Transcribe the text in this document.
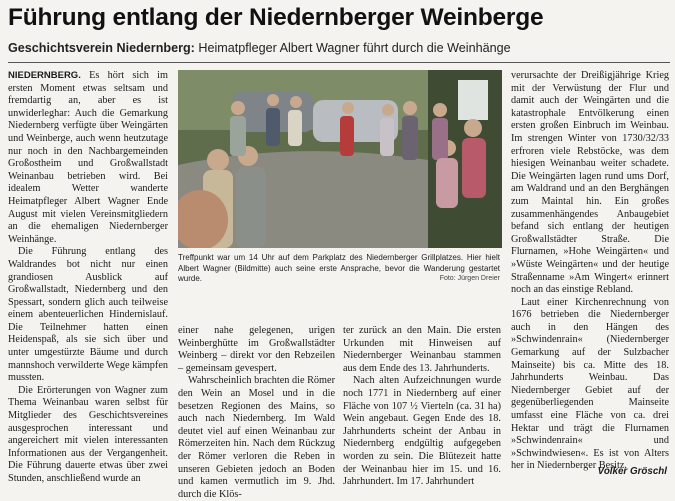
Führung entlang der Niedernberger Weinberge
Geschichtsverein Niedernberg: Heimatpfleger Albert Wagner führt durch die Weinhänge

NIEDERNBERG. Es hört sich im ersten Moment etwas seltsam und fremdartig an, aber es ist unwiderleghar: Auch die Gemarkung Niedernberg verfügte über Weingärten und Weinberge, auch wenn heutzutage nur noch in den Nachbargemeinden Großostheim und Großwallstadt Weinanbau betrieben wird. Bei idealem Wetter wanderte Heimatpfleger Albert Wagner Ende August mit vielen Vereinsmitgliedern an die ehemaligen Niedernberger Weinhänge.

Die Führung entlang des Waldrandes bot nicht nur einen grandiosen Ausblick auf Großwallstadt, Niedernberg und den Spessart, sondern glich auch teilweise einem abenteuerlichen Hindernislauf. Die Teilnehmer hatten einen Heidenspaß, als sie sich über und unter umgestürzte Bäume und durch mannshoch verwilderte Wege kämpfen mussten.

Die Erörterungen von Wagner zum Thema Weinanbau waren selbst für Mitglieder des Geschichtsvereines ausgesprochen interessant und angereichert mit vielen interessanten Informationen aus der Vergangenheit. Die Führung dauerte etwas über zwei Stunden, anschließend wurde an

Treffpunkt war um 14 Uhr auf dem Parkplatz des Niedernberger Grillplatzes. Hier hielt Albert Wagner (Bildmitte) auch seine erste Ansprache, bevor die Wanderung gestartet wurde.	Foto: Jürgen Dreier

einer nahe gelegenen, urigen Weinberghütte im Großwallstädter Weinberg – direkt vor den Rebzeilen – gemeinsam gevespert.

Wahrscheinlich brachten die Römer den Wein an Mosel und in die besetzen Regionen des Mains, so auch nach Niedernberg. Im Wald deutet viel auf einen Weinanbau zur Römerzeiten hin. Nach dem Rückzug der Römer verloren die Reben in unseren Gebieten jedoch an Boden und kamen vermutlich im 9. Jhd. durch die Klös-

ter zurück an den Main. Die ersten Urkunden mit Hinweisen auf Niedernberger Weinanbau stammen aus dem Ende des 13. Jahrhunderts.

Nach alten Aufzeichnungen wurde noch 1771 in Niedernberg auf einer Fläche von 107 ½ Vierteln (ca. 31 ha) Wein angebaut. Gegen Ende des 18. Jahrhunderts scheint der Anbau in Niedernberg endgültig aufgegeben worden zu sein. Die Blütezeit hatte der Weinanbau hier im 15. und 16. Jahrhundert. Im 17. Jahrhundert

verursachte der Dreißigjährige Krieg mit der Verwüstung der Flur und damit auch der Weingärten und die katastrophale Entvölkerung einen ersten großen Einbruch im Weinbau. Im strengen Winter von 1730/32/33 erfroren viele Rebstöcke, was dem hiesigen Weinanbau weiter schadete. Die Weingärten lagen rund ums Dorf, am Waldrand und an den Berghängen zum Maintal hin. Ein großes zusammenhängendes Anbaugebiet befand sich entlang der heutigen Großwallstädter Straße. Die Flurnamen, »Hohe Weingärten« und »Wüste Weingärten« und der heutige Straßenname »Am Wingert« erinnert noch an das einstige Rebland.

Laut einer Kirchenrechnung von 1676 betrieben die Niedernberger auch in den Hängen des »Schwindenrain« (Niedernberger Gemarkung auf der Sulzbacher Mainseite) bis ca. Mitte des 18. Jahrhunderts Weinbau. Das Niedernberger Gebiet auf der gegenüberliegenden Mainseite umfasst eine Fläche von ca. drei Hektar und trägt die Flurnamen »Schwindenrain« und »Schwindwiesen«. Es ist von Alters her in Niedernberger Besitz.

Volker Gröschl
